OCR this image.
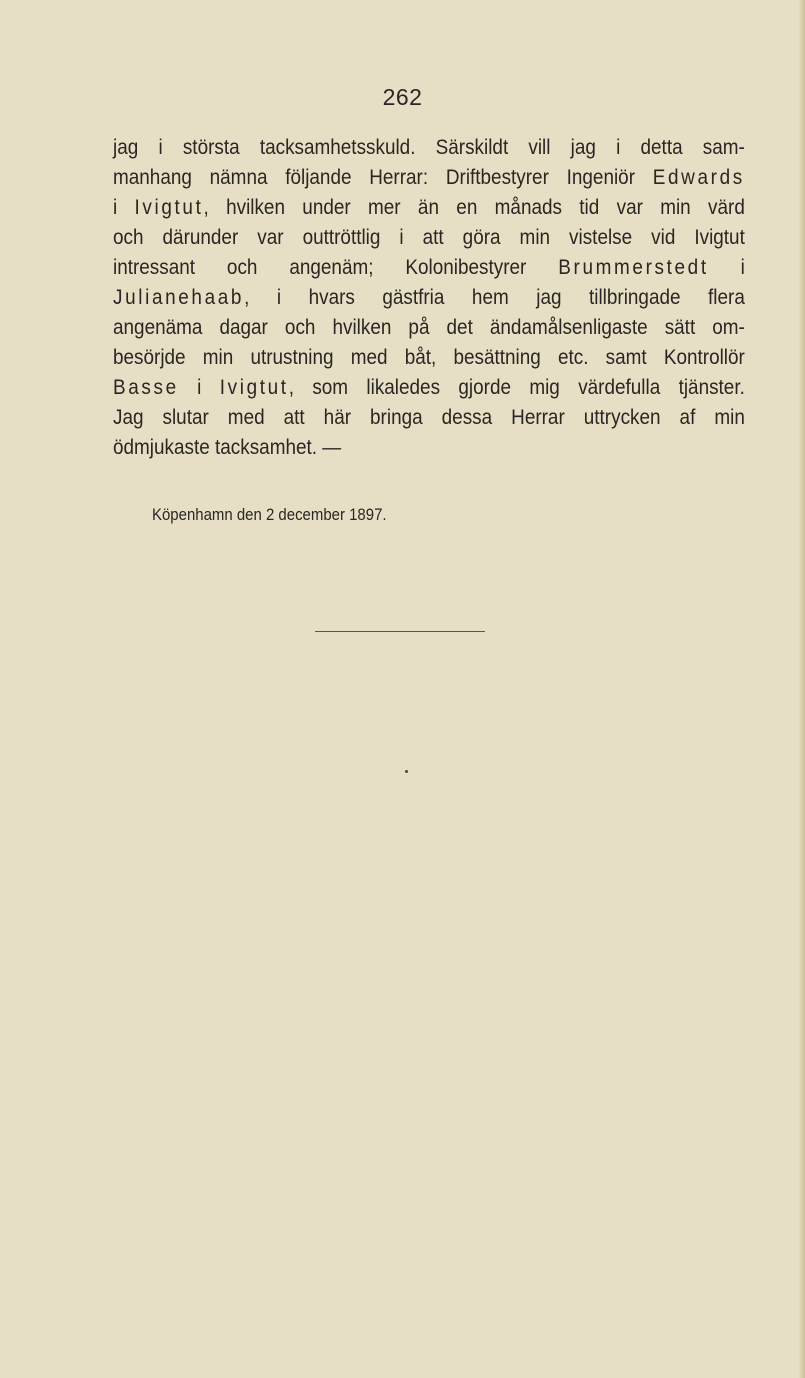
262
jag i största tacksamhetsskuld. Särskildt vill jag i detta sam-
manhang nämna följande Herrar: Driftbestyrer Ingeniör Edwards
i Ivigtut, hvilken under mer än en månads tid var min värd
och därunder var outtröttlig i att göra min vistelse vid Ivigtut
intressant och angenäm; Kolonibestyrer Brummerstedt i
Julianehaab, i hvars gästfria hem jag tillbringade flera
angenäma dagar och hvilken på det ändamålsenligaste sätt om-
besörjde min utrustning med båt, besättning etc. samt Kontrollör
Basse i Ivigtut, som likaledes gjorde mig värdefulla tjänster.
Jag slutar med att här bringa dessa Herrar uttrycken af min
ödmjukaste tacksamhet. —
Köpenhamn den 2 december 1897.
